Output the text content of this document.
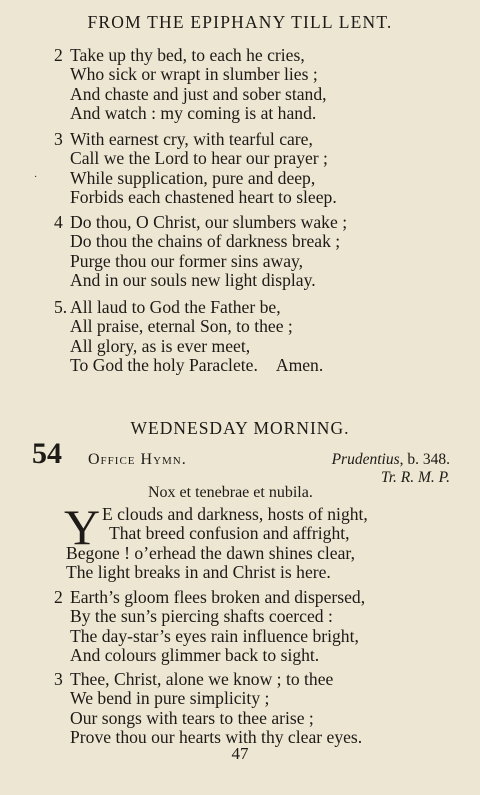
FROM THE EPIPHANY TILL LENT.
2 Take up thy bed, to each he cries,
Who sick or wrapt in slumber lies ;
And chaste and just and sober stand,
And watch : my coming is at hand.
3 With earnest cry, with tearful care,
Call we the Lord to hear our prayer ;
While supplication, pure and deep,
Forbids each chastened heart to sleep.
·
4 Do thou, O Christ, our slumbers wake ;
Do thou the chains of darkness break ;
Purge thou our former sins away,
And in our souls new light display.
5. All laud to God the Father be,
All praise, eternal Son, to thee ;
All glory, as is ever meet,
To God the holy Paraclete. Amen.
WEDNESDAY MORNING.
54 Office Hymn.	Prudentius, b. 348.
Tr. R. M. P.
Nox et tenebrae et nubila.
Y E clouds and darkness, hosts of night,
That breed confusion and affright,
Begone ! o’erhead the dawn shines clear,
The light breaks in and Christ is here.
2 Earth’s gloom flees broken and dispersed,
By the sun’s piercing shafts coerced :
The day-star’s eyes rain influence bright,
And colours glimmer back to sight.
3 Thee, Christ, alone we know ; to thee
We bend in pure simplicity ;
Our songs with tears to thee arise ;
Prove thou our hearts with thy clear eyes.
47
